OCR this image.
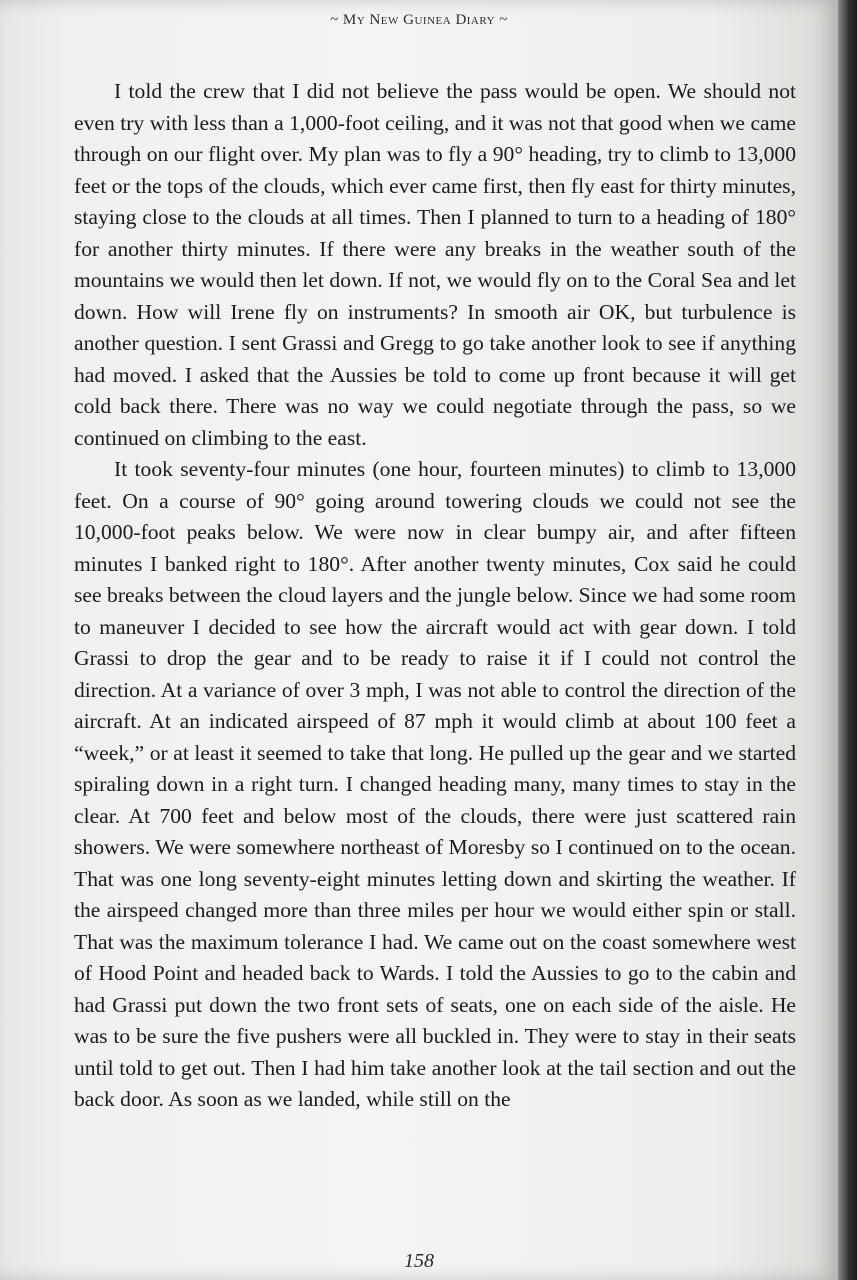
~ My New Guinea Diary ~

I told the crew that I did not believe the pass would be open. We should not even try with less than a 1,000-foot ceiling, and it was not that good when we came through on our flight over. My plan was to fly a 90° heading, try to climb to 13,000 feet or the tops of the clouds, which ever came first, then fly east for thirty minutes, staying close to the clouds at all times. Then I planned to turn to a heading of 180° for another thirty minutes. If there were any breaks in the weather south of the mountains we would then let down. If not, we would fly on to the Coral Sea and let down. How will Irene fly on instruments? In smooth air OK, but turbulence is another question. I sent Grassi and Gregg to go take another look to see if anything had moved. I asked that the Aussies be told to come up front because it will get cold back there. There was no way we could negotiate through the pass, so we continued on climbing to the east.

It took seventy-four minutes (one hour, fourteen minutes) to climb to 13,000 feet. On a course of 90° going around towering clouds we could not see the 10,000-foot peaks below. We were now in clear bumpy air, and after fifteen minutes I banked right to 180°. After another twenty minutes, Cox said he could see breaks between the cloud layers and the jungle below. Since we had some room to maneuver I decided to see how the aircraft would act with gear down. I told Grassi to drop the gear and to be ready to raise it if I could not control the direction. At a variance of over 3 mph, I was not able to control the direction of the aircraft. At an indicated airspeed of 87 mph it would climb at about 100 feet a “week,” or at least it seemed to take that long. He pulled up the gear and we started spiraling down in a right turn. I changed heading many, many times to stay in the clear. At 700 feet and below most of the clouds, there were just scattered rain showers. We were somewhere northeast of Moresby so I continued on to the ocean. That was one long seventy-eight minutes letting down and skirting the weather. If the airspeed changed more than three miles per hour we would either spin or stall. That was the maximum tolerance I had. We came out on the coast somewhere west of Hood Point and headed back to Wards. I told the Aussies to go to the cabin and had Grassi put down the two front sets of seats, one on each side of the aisle. He was to be sure the five pushers were all buckled in. They were to stay in their seats until told to get out. Then I had him take another look at the tail section and out the back door. As soon as we landed, while still on the

158
